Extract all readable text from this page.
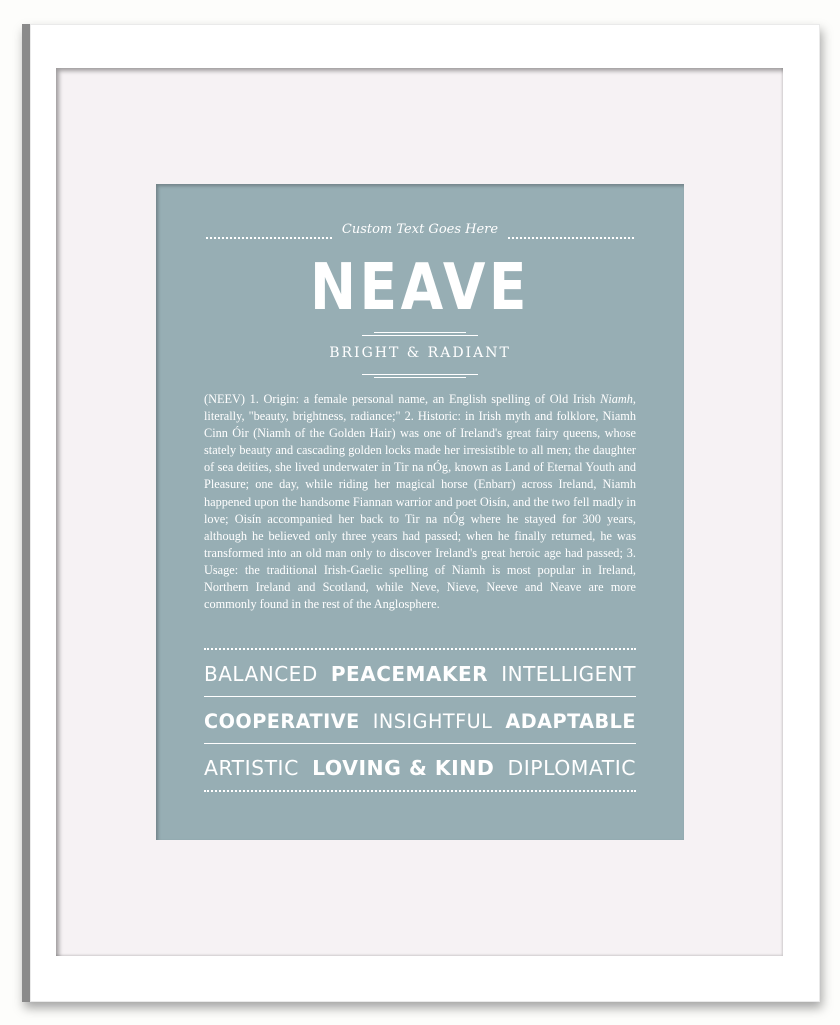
Custom Text Goes Here
NEAVE
BRIGHT & RADIANT

(NEEV) 1. Origin: a female personal name, an English spelling of Old Irish Niamh, literally, "beauty, brightness, radiance;" 2. Historic: in Irish myth and folklore, Niamh Cinn Óir (Niamh of the Golden Hair) was one of Ireland's great fairy queens, whose stately beauty and cascading golden locks made her irresistible to all men; the daughter of sea deities, she lived underwater in Tir na nÓg, known as Land of Eternal Youth and Pleasure; one day, while riding her magical horse (Enbarr) across Ireland, Niamh happened upon the handsome Fiannan warrior and poet Oisín, and the two fell madly in love; Oisín accompanied her back to Tir na nÓg where he stayed for 300 years, although he believed only three years had passed; when he finally returned, he was transformed into an old man only to discover Ireland's great heroic age had passed; 3. Usage: the traditional Irish-Gaelic spelling of Niamh is most popular in Ireland, Northern Ireland and Scotland, while Neve, Nieve, Neeve and Neave are more commonly found in the rest of the Anglosphere.

BALANCED PEACEMAKER INTELLIGENT
COOPERATIVE INSIGHTFUL ADAPTABLE
ARTISTIC LOVING & KIND DIPLOMATIC
